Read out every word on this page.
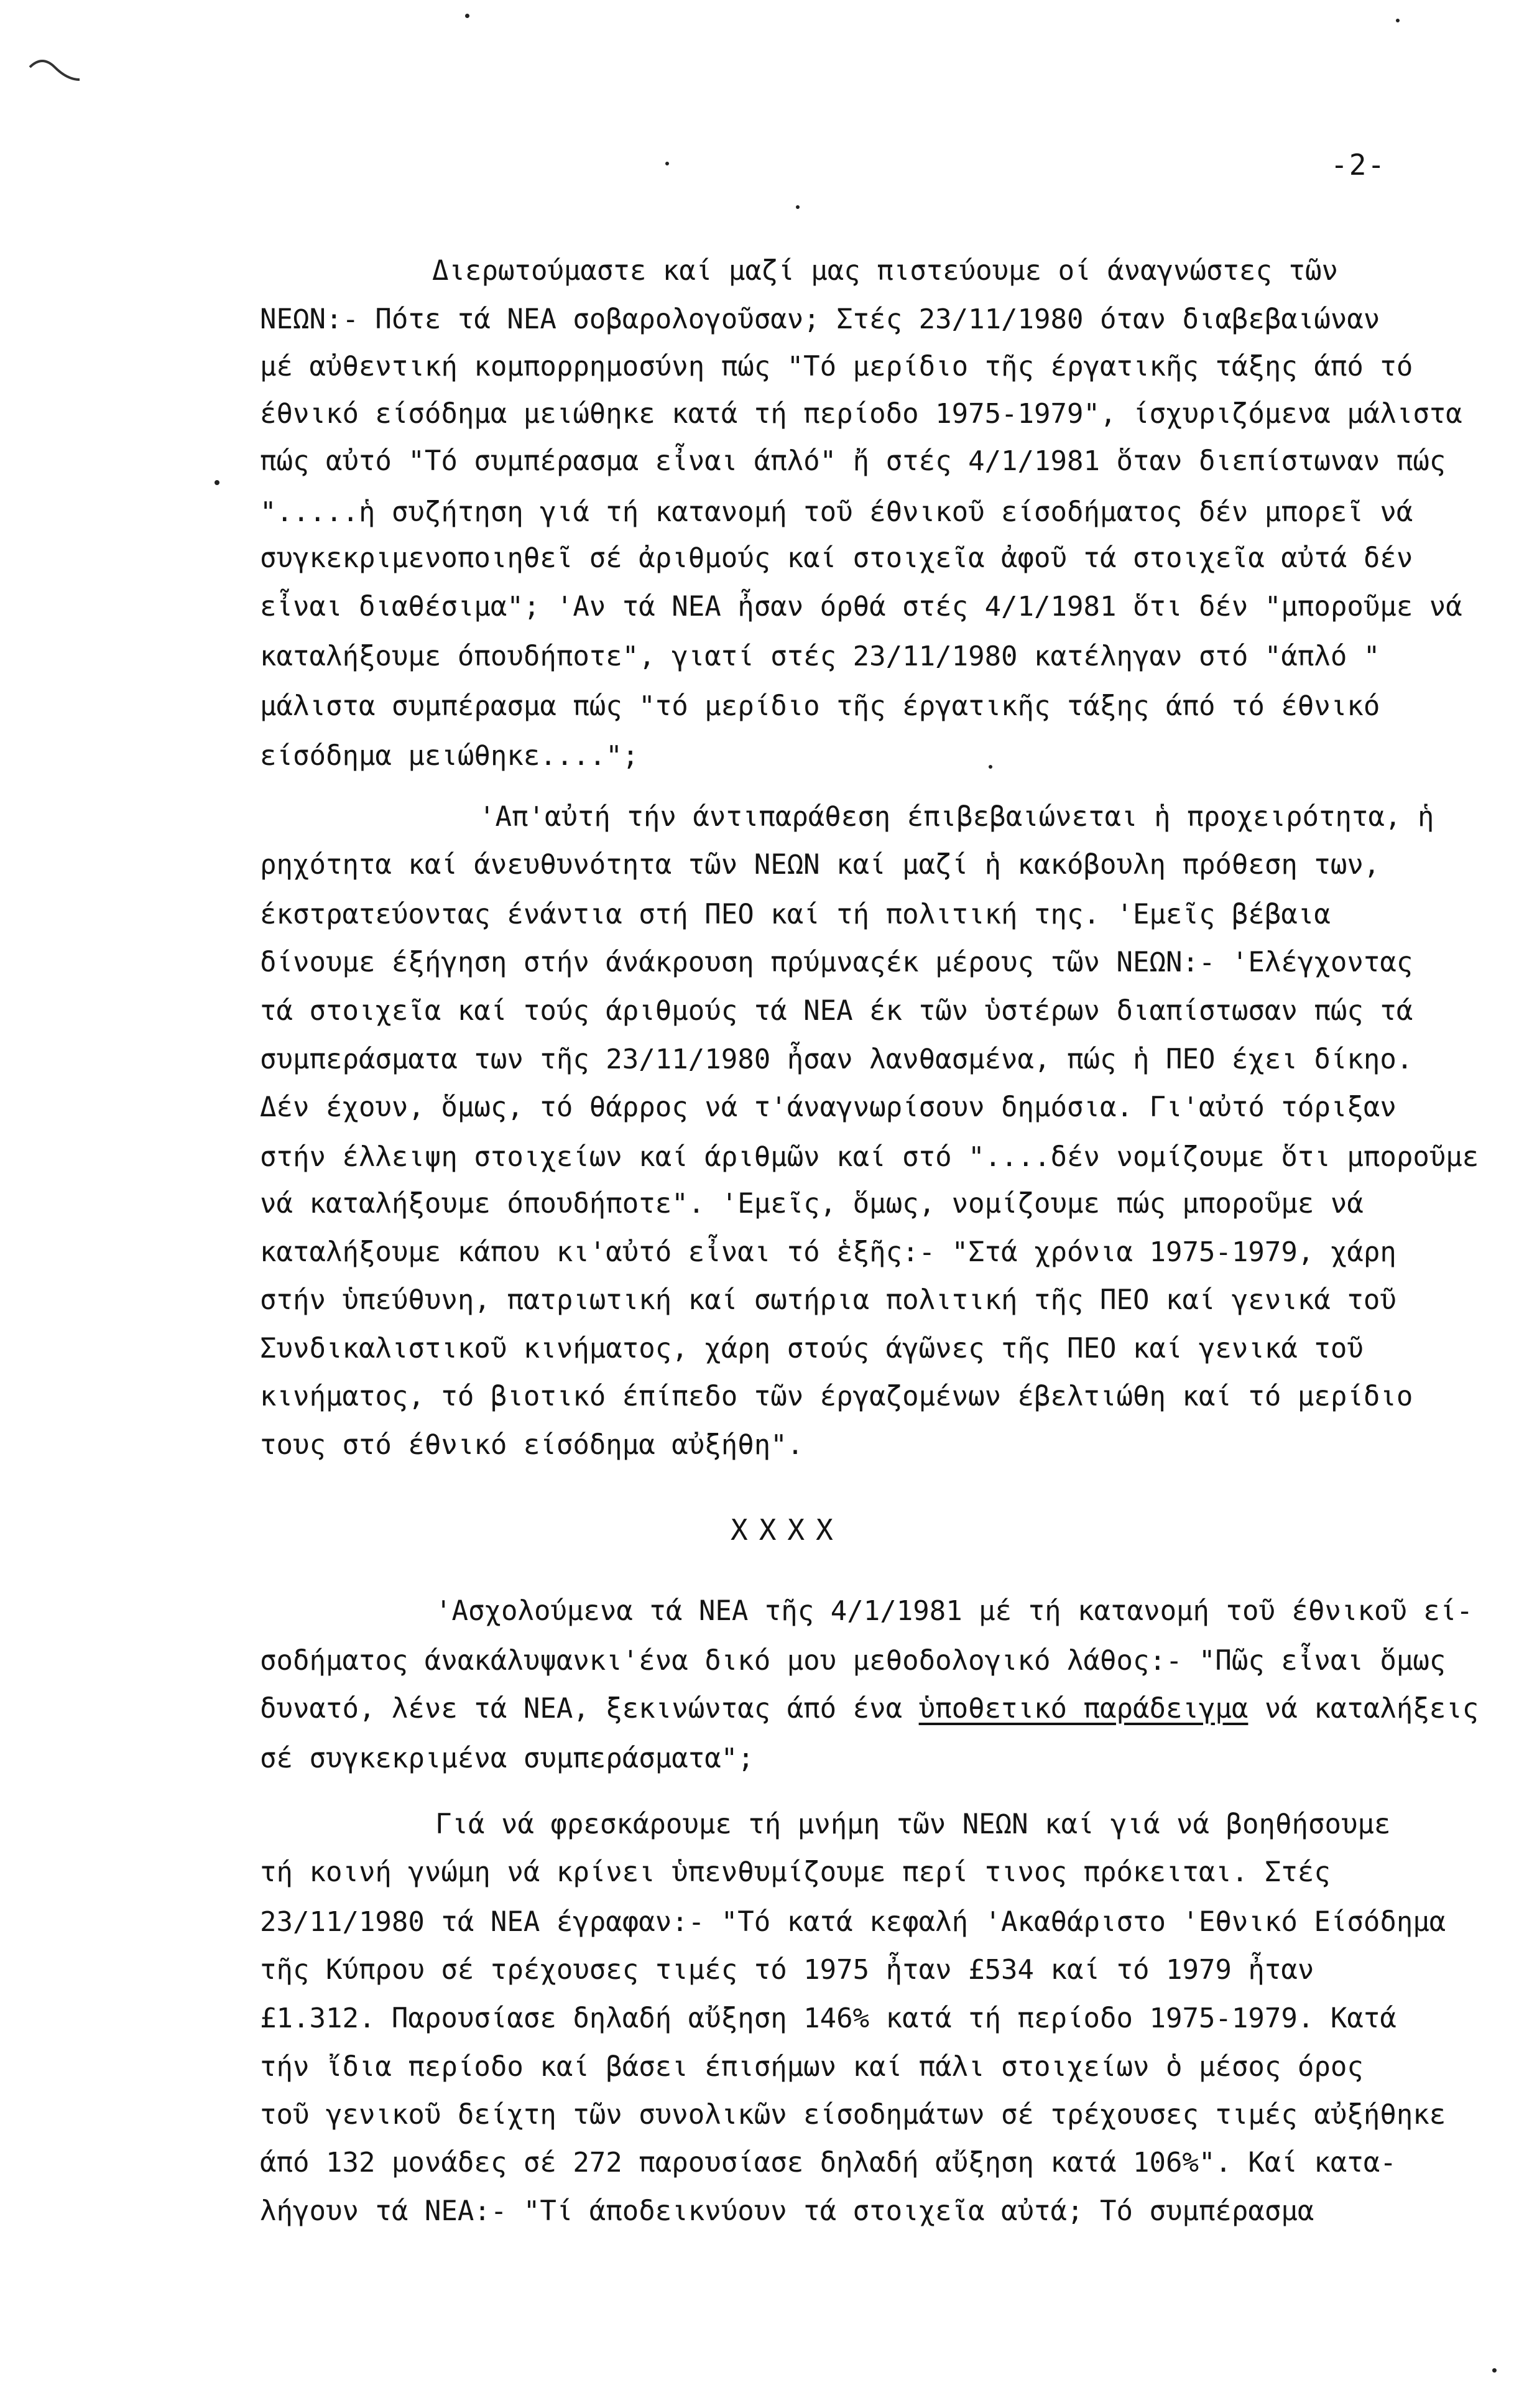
-2-
Διερωτούμαστε καί μαζί μας πιστεύουμε οί άναγνώστες τῶν
ΝΕΩΝ:- Πότε τά ΝΕΑ σοβαρολογοῦσαν; Στές 23/11/1980 όταν διαβεβαιώναν
μέ αὐθεντική κομπορρημοσύνη πώς "Τό μερίδιο τῆς έργατικῆς τάξης άπό τό
έθνικό είσόδημα μειώθηκε κατά τή περίοδο 1975-1979", ίσχυριζόμενα μάλιστα
πώς αὐτό "Τό συμπέρασμα εἶναι άπλό" ἤ στές 4/1/1981 ὅταν διεπίστωναν πώς
".....ἡ συζήτηση γιά τή κατανομή τοῦ έθνικοῦ είσοδήματος δέν μπορεῖ νά
συγκεκριμενοποιηθεῖ σέ ἀριθμούς καί στοιχεῖα ἀφοῦ τά στοιχεῖα αὐτά δέν
εἶναι διαθέσιμα"; 'Αν τά ΝΕΑ ἦσαν όρθά στές 4/1/1981 ὅτι δέν "μποροῦμε νά
καταλήξουμε όπουδήποτε", γιατί στές 23/11/1980 κατέληγαν στό "άπλό "
μάλιστα συμπέρασμα πώς "τό μερίδιο τῆς έργατικῆς τάξης άπό τό έθνικό
είσόδημα μειώθηκε....";
'Απ'αὐτή τήν άντιπαράθεση έπιβεβαιώνεται ἡ προχειρότητα, ἡ
ρηχότητα καί άνευθυνότητα τῶν ΝΕΩΝ καί μαζί ἡ κακόβουλη πρόθεση των,
έκστρατεύοντας ένάντια στή ΠΕΟ καί τή πολιτική της. 'Εμεῖς βέβαια
δίνουμε έξήγηση στήν άνάκρουση πρύμναςέκ μέρους τῶν ΝΕΩΝ:- 'Ελέγχοντας
τά στοιχεῖα καί τούς άριθμούς τά ΝΕΑ έκ τῶν ὑστέρων διαπίστωσαν πώς τά
συμπεράσματα των τῆς 23/11/1980 ἦσαν λανθασμένα, πώς ἡ ΠΕΟ έχει δίκηο.
Δέν έχουν, ὅμως, τό θάρρος νά τ'άναγνωρίσουν δημόσια. Γι'αὐτό τόριξαν
στήν έλλειψη στοιχείων καί άριθμῶν καί στό "....δέν νομίζουμε ὅτι μποροῦμε
νά καταλήξουμε όπουδήποτε". 'Εμεῖς, ὅμως, νομίζουμε πώς μποροῦμε νά
καταλήξουμε κάπου κι'αὐτό εἶναι τό ἑξῆς:- "Στά χρόνια 1975-1979, χάρη
στήν ὑπεύθυνη, πατριωτική καί σωτήρια πολιτική τῆς ΠΕΟ καί γενικά τοῦ
Συνδικαλιστικοῦ κινήματος, χάρη στούς άγῶνες τῆς ΠΕΟ καί γενικά τοῦ
κινήματος, τό βιοτικό έπίπεδο τῶν έργαζομένων έβελτιώθη καί τό μερίδιο
τους στό έθνικό είσόδημα αὐξήθη".
XXXX
'Ασχολούμενα τά ΝΕΑ τῆς 4/1/1981 μέ τή κατανομή τοῦ έθνικοῦ εί-
σοδήματος άνακάλυψανκι'ένα δικό μου μεθοδολογικό λάθος:- "Πῶς εἶναι ὅμως
δυνατό, λένε τά ΝΕΑ, ξεκινώντας άπό ένα ὑποθετικό παράδειγμα νά καταλήξεις
σέ συγκεκριμένα συμπεράσματα";
Γιά νά φρεσκάρουμε τή μνήμη τῶν ΝΕΩΝ καί γιά νά βοηθήσουμε
τή κοινή γνώμη νά κρίνει ὑπενθυμίζουμε περί τινος πρόκειται. Στές
23/11/1980 τά ΝΕΑ έγραφαν:- "Τό κατά κεφαλή 'Ακαθάριστο 'Εθνικό Είσόδημα
τῆς Κύπρου σέ τρέχουσες τιμές τό 1975 ἦταν £534 καί τό 1979 ἦταν
£1.312. Παρουσίασε δηλαδή αὔξηση 146% κατά τή περίοδο 1975-1979. Κατά
τήν ἴδια περίοδο καί βάσει έπισήμων καί πάλι στοιχείων ὁ μέσος όρος
τοῦ γενικοῦ δείχτη τῶν συνολικῶν είσοδημάτων σέ τρέχουσες τιμές αὐξήθηκε
άπό 132 μονάδες σέ 272 παρουσίασε δηλαδή αὔξηση κατά 106%". Καί κατα-
λήγουν τά ΝΕΑ:- "Τί άποδεικνύουν τά στοιχεῖα αὐτά; Τό συμπέρασμα
